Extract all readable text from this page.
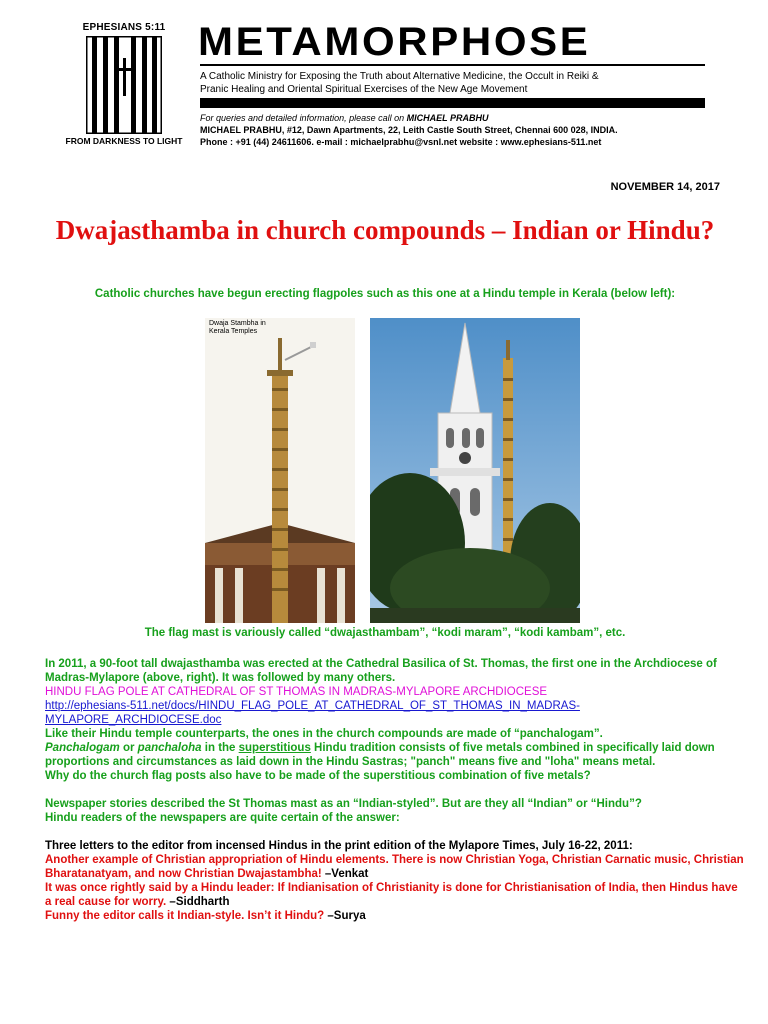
EPHESIANS 5:11
FROM DARKNESS TO LIGHT
METAMORPHOSE
A Catholic Ministry for Exposing the Truth about Alternative Medicine, the Occult in Reiki &
Pranic Healing and Oriental Spiritual Exercises of the New Age Movement
For queries and detailed information, please call on MICHAEL PRABHU
MICHAEL PRABHU, #12, Dawn Apartments, 22, Leith Castle South Street, Chennai 600 028, INDIA.
Phone : +91 (44) 24611606. e-mail : michaelprabhu@vsnl.net website : www.ephesians-511.net
NOVEMBER 14, 2017
Dwajasthamba in church compounds – Indian or Hindu?
Catholic churches have begun erecting flagpoles such as this one at a Hindu temple in Kerala (below left):
Dwaja Stambha in Kerala Temples
The flag mast is variously called “dwajasthambam”, “kodi maram”, “kodi kambam”, etc.

In 2011, a 90-foot tall dwajasthamba was erected at the Cathedral Basilica of St. Thomas, the first one in the Archdiocese of Madras-Mylapore (above, right). It was followed by many others.

HINDU FLAG POLE AT CATHEDRAL OF ST THOMAS IN MADRAS-MYLAPORE ARCHDIOCESE

http://ephesians-511.net/docs/HINDU_FLAG_POLE_AT_CATHEDRAL_OF_ST_THOMAS_IN_MADRAS-MYLAPORE_ARCHDIOCESE.doc

Like their Hindu temple counterparts, the ones in the church compounds are made of “panchalogam”.

Panchalogam or panchaloha in the superstitious Hindu tradition consists of five metals combined in specifically laid down proportions and circumstances as laid down in the Hindu Sastras; "panch" means five and "loha" means metal.

Why do the church flag posts also have to be made of the superstitious combination of five metals?

Newspaper stories described the St Thomas mast as an “Indian-styled”. But are they all “Indian” or “Hindu”?

Hindu readers of the newspapers are quite certain of the answer:

Three letters to the editor from incensed Hindus in the print edition of the Mylapore Times, July 16-22, 2011:

Another example of Christian appropriation of Hindu elements. There is now Christian Yoga, Christian Carnatic music, Christian Bharatanatyam, and now Christian Dwajastambha! –Venkat

It was once rightly said by a Hindu leader: If Indianisation of Christianity is done for Christianisation of India, then Hindus have a real cause for worry. –Siddharth

Funny the editor calls it Indian-style. Isn’t it Hindu? –Surya
